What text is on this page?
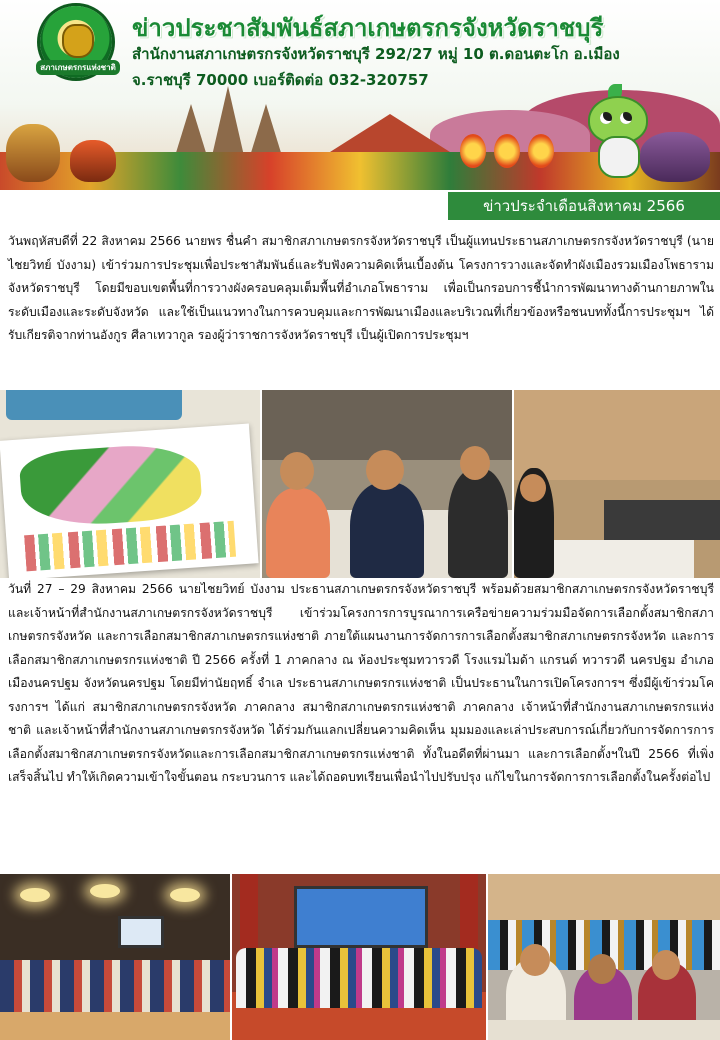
สภาเกษตรกรแห่งชาติ
ข่าวประชาสัมพันธ์สภาเกษตรกรจังหวัดราชบุรี
สำนักงานสภาเกษตรกรจังหวัดราชบุรี 292/27 หมู่ 10 ต.ดอนตะโก อ.เมือง
จ.ราชบุรี 70000 เบอร์ติดต่อ 032-320757
ข่าวประจำเดือนสิงหาคม 2566
วันพฤหัสบดีที่ 22 สิงหาคม 2566 นายพร ชื่นคำ สมาชิกสภาเกษตรกรจังหวัดราชบุรี เป็นผู้แทนประธานสภาเกษตรกรจังหวัดราชบุรี (นายไชยวิทย์ บังงาม) เข้าร่วมการประชุมเพื่อประชาสัมพันธ์และรับฟังความคิดเห็นเบื้องต้น โครงการวางและจัดทำผังเมืองรวมเมืองโพธาราม จังหวัดราชบุรี โดยมีขอบเขตพื้นที่การวางผังครอบคลุมเต็มพื้นที่อำเภอโพธาราม เพื่อเป็นกรอบการชี้นำการพัฒนาทางด้านกายภาพในระดับเมืองและระดับจังหวัด และใช้เป็นแนวทางในการควบคุมและการพัฒนาเมืองและบริเวณที่เกี่ยวข้องหรือชนบททั้งนี้การประชุมฯ ได้รับเกียรติจากท่านอังกูร ศีลาเทวากูล รองผู้ว่าราชการจังหวัดราชบุรี เป็นผู้เปิดการประชุมฯ
วันที่ 27 – 29 สิงหาคม 2566 นายไชยวิทย์ บังงาม ประธานสภาเกษตรกรจังหวัดราชบุรี พร้อมด้วยสมาชิกสภาเกษตรกรจังหวัดราชบุรี และเจ้าหน้าที่สำนักงานสภาเกษตรกรจังหวัดราชบุรี เข้าร่วมโครงการการบูรณาการเครือข่ายความร่วมมือจัดการเลือกตั้งสมาชิกสภาเกษตรกรจังหวัด และการเลือกสมาชิกสภาเกษตรกรแห่งชาติ ภายใต้แผนงานการจัดการการเลือกตั้งสมาชิกสภาเกษตรกรจังหวัด และการเลือกสมาชิกสภาเกษตรกรแห่งชาติ ปี 2566 ครั้งที่ 1 ภาคกลาง ณ ห้องประชุมทวารวดี โรงแรมไมด้า แกรนด์ ทวารวดี นครปฐม อำเภอเมืองนครปฐม จังหวัดนครปฐม โดยมีท่านัยฤทธิ์ จำเล ประธานสภาเกษตรกรแห่งชาติ เป็นประธานในการเปิดโครงการฯ ซึ่งมีผู้เข้าร่วมโครงการฯ ได้แก่ สมาชิกสภาเกษตรกรจังหวัด ภาคกลาง สมาชิกสภาเกษตรกรแห่งชาติ ภาคกลาง เจ้าหน้าที่สำนักงานสภาเกษตรกรแห่งชาติ และเจ้าหน้าที่สำนักงานสภาเกษตรกรจังหวัด ได้ร่วมกันแลกเปลี่ยนความคิดเห็น มุมมองและเล่าประสบการณ์เกี่ยวกับการจัดการการเลือกตั้งสมาชิกสภาเกษตรกรจังหวัดและการเลือกสมาชิกสภาเกษตรกรแห่งชาติ ทั้งในอดีตที่ผ่านมา และการเลือกตั้งฯในปี 2566 ที่เพิ่งเสร็จสิ้นไป ทำให้เกิดความเข้าใจขั้นตอน กระบวนการ และได้ถอดบทเรียนเพื่อนำไปปรับปรุง แก้ไขในการจัดการการเลือกตั้งในครั้งต่อไป
